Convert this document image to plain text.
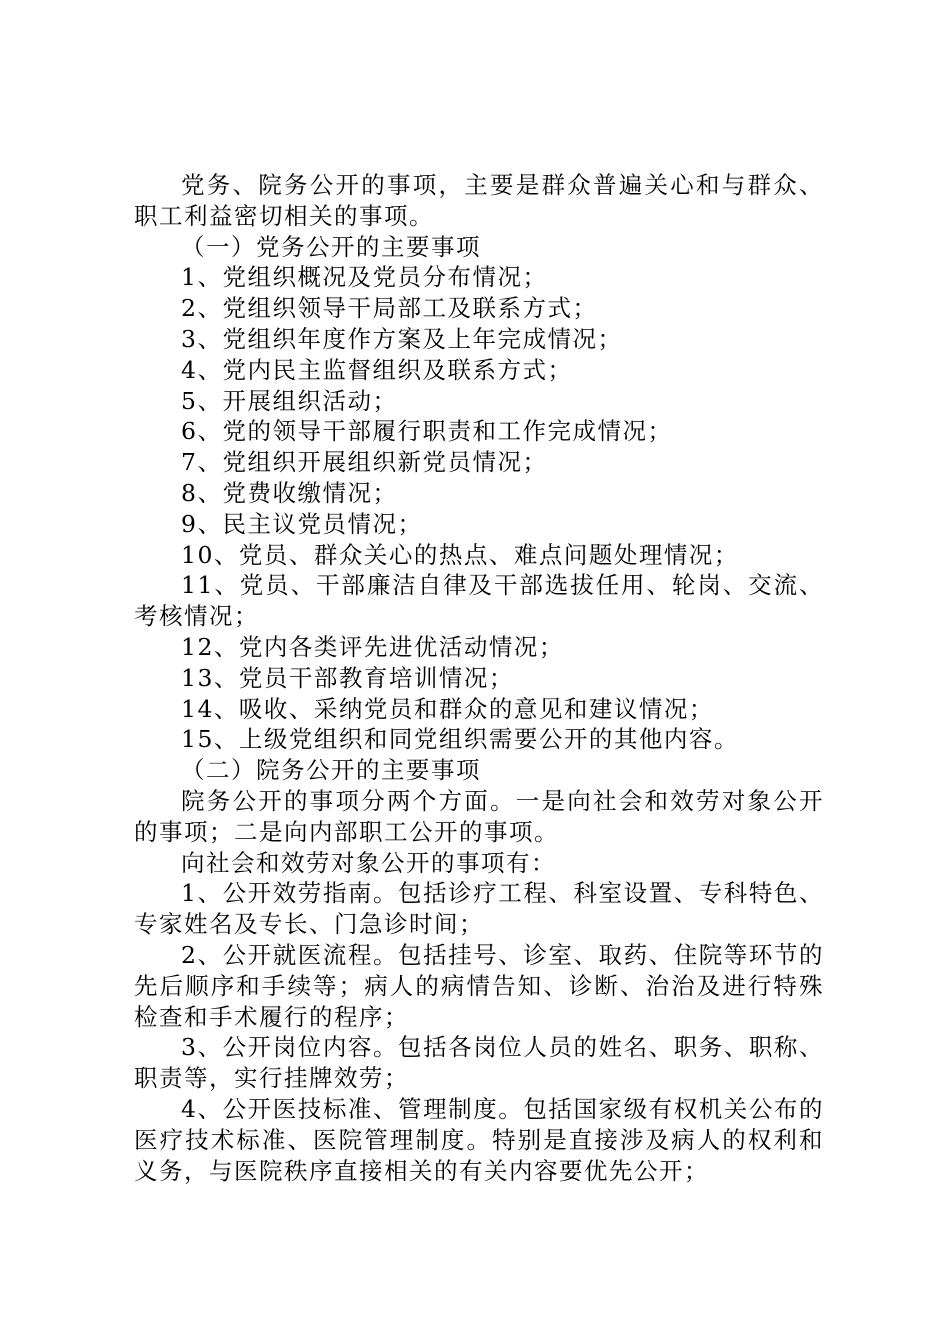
党务、院务公开的事项，主要是群众普遍关心和与群众、职工利益密切相关的事项。

（一）党务公开的主要事项

1、党组织概况及党员分布情况；

2、党组织领导干局部工及联系方式；

3、党组织年度作方案及上年完成情况；

4、党内民主监督组织及联系方式；

5、开展组织活动；

6、党的领导干部履行职责和工作完成情况；

7、党组织开展组织新党员情况；

8、党费收缴情况；

9、民主议党员情况；

10、党员、群众关心的热点、难点问题处理情况；

11、党员、干部廉洁自律及干部选拔任用、轮岗、交流、考核情况；

12、党内各类评先进优活动情况；

13、党员干部教育培训情况；

14、吸收、采纳党员和群众的意见和建议情况；

15、上级党组织和同党组织需要公开的其他内容。

（二）院务公开的主要事项

院务公开的事项分两个方面。一是向社会和效劳对象公开的事项；二是向内部职工公开的事项。

向社会和效劳对象公开的事项有：

1、公开效劳指南。包括诊疗工程、科室设置、专科特色、专家姓名及专长、门急诊时间；

2、公开就医流程。包括挂号、诊室、取药、住院等环节的先后顺序和手续等；病人的病情告知、诊断、治治及进行特殊检查和手术履行的程序；

3、公开岗位内容。包括各岗位人员的姓名、职务、职称、职责等，实行挂牌效劳；

4、公开医技标准、管理制度。包括国家级有权机关公布的医疗技术标准、医院管理制度。特别是直接涉及病人的权利和义务，与医院秩序直接相关的有关内容要优先公开；
